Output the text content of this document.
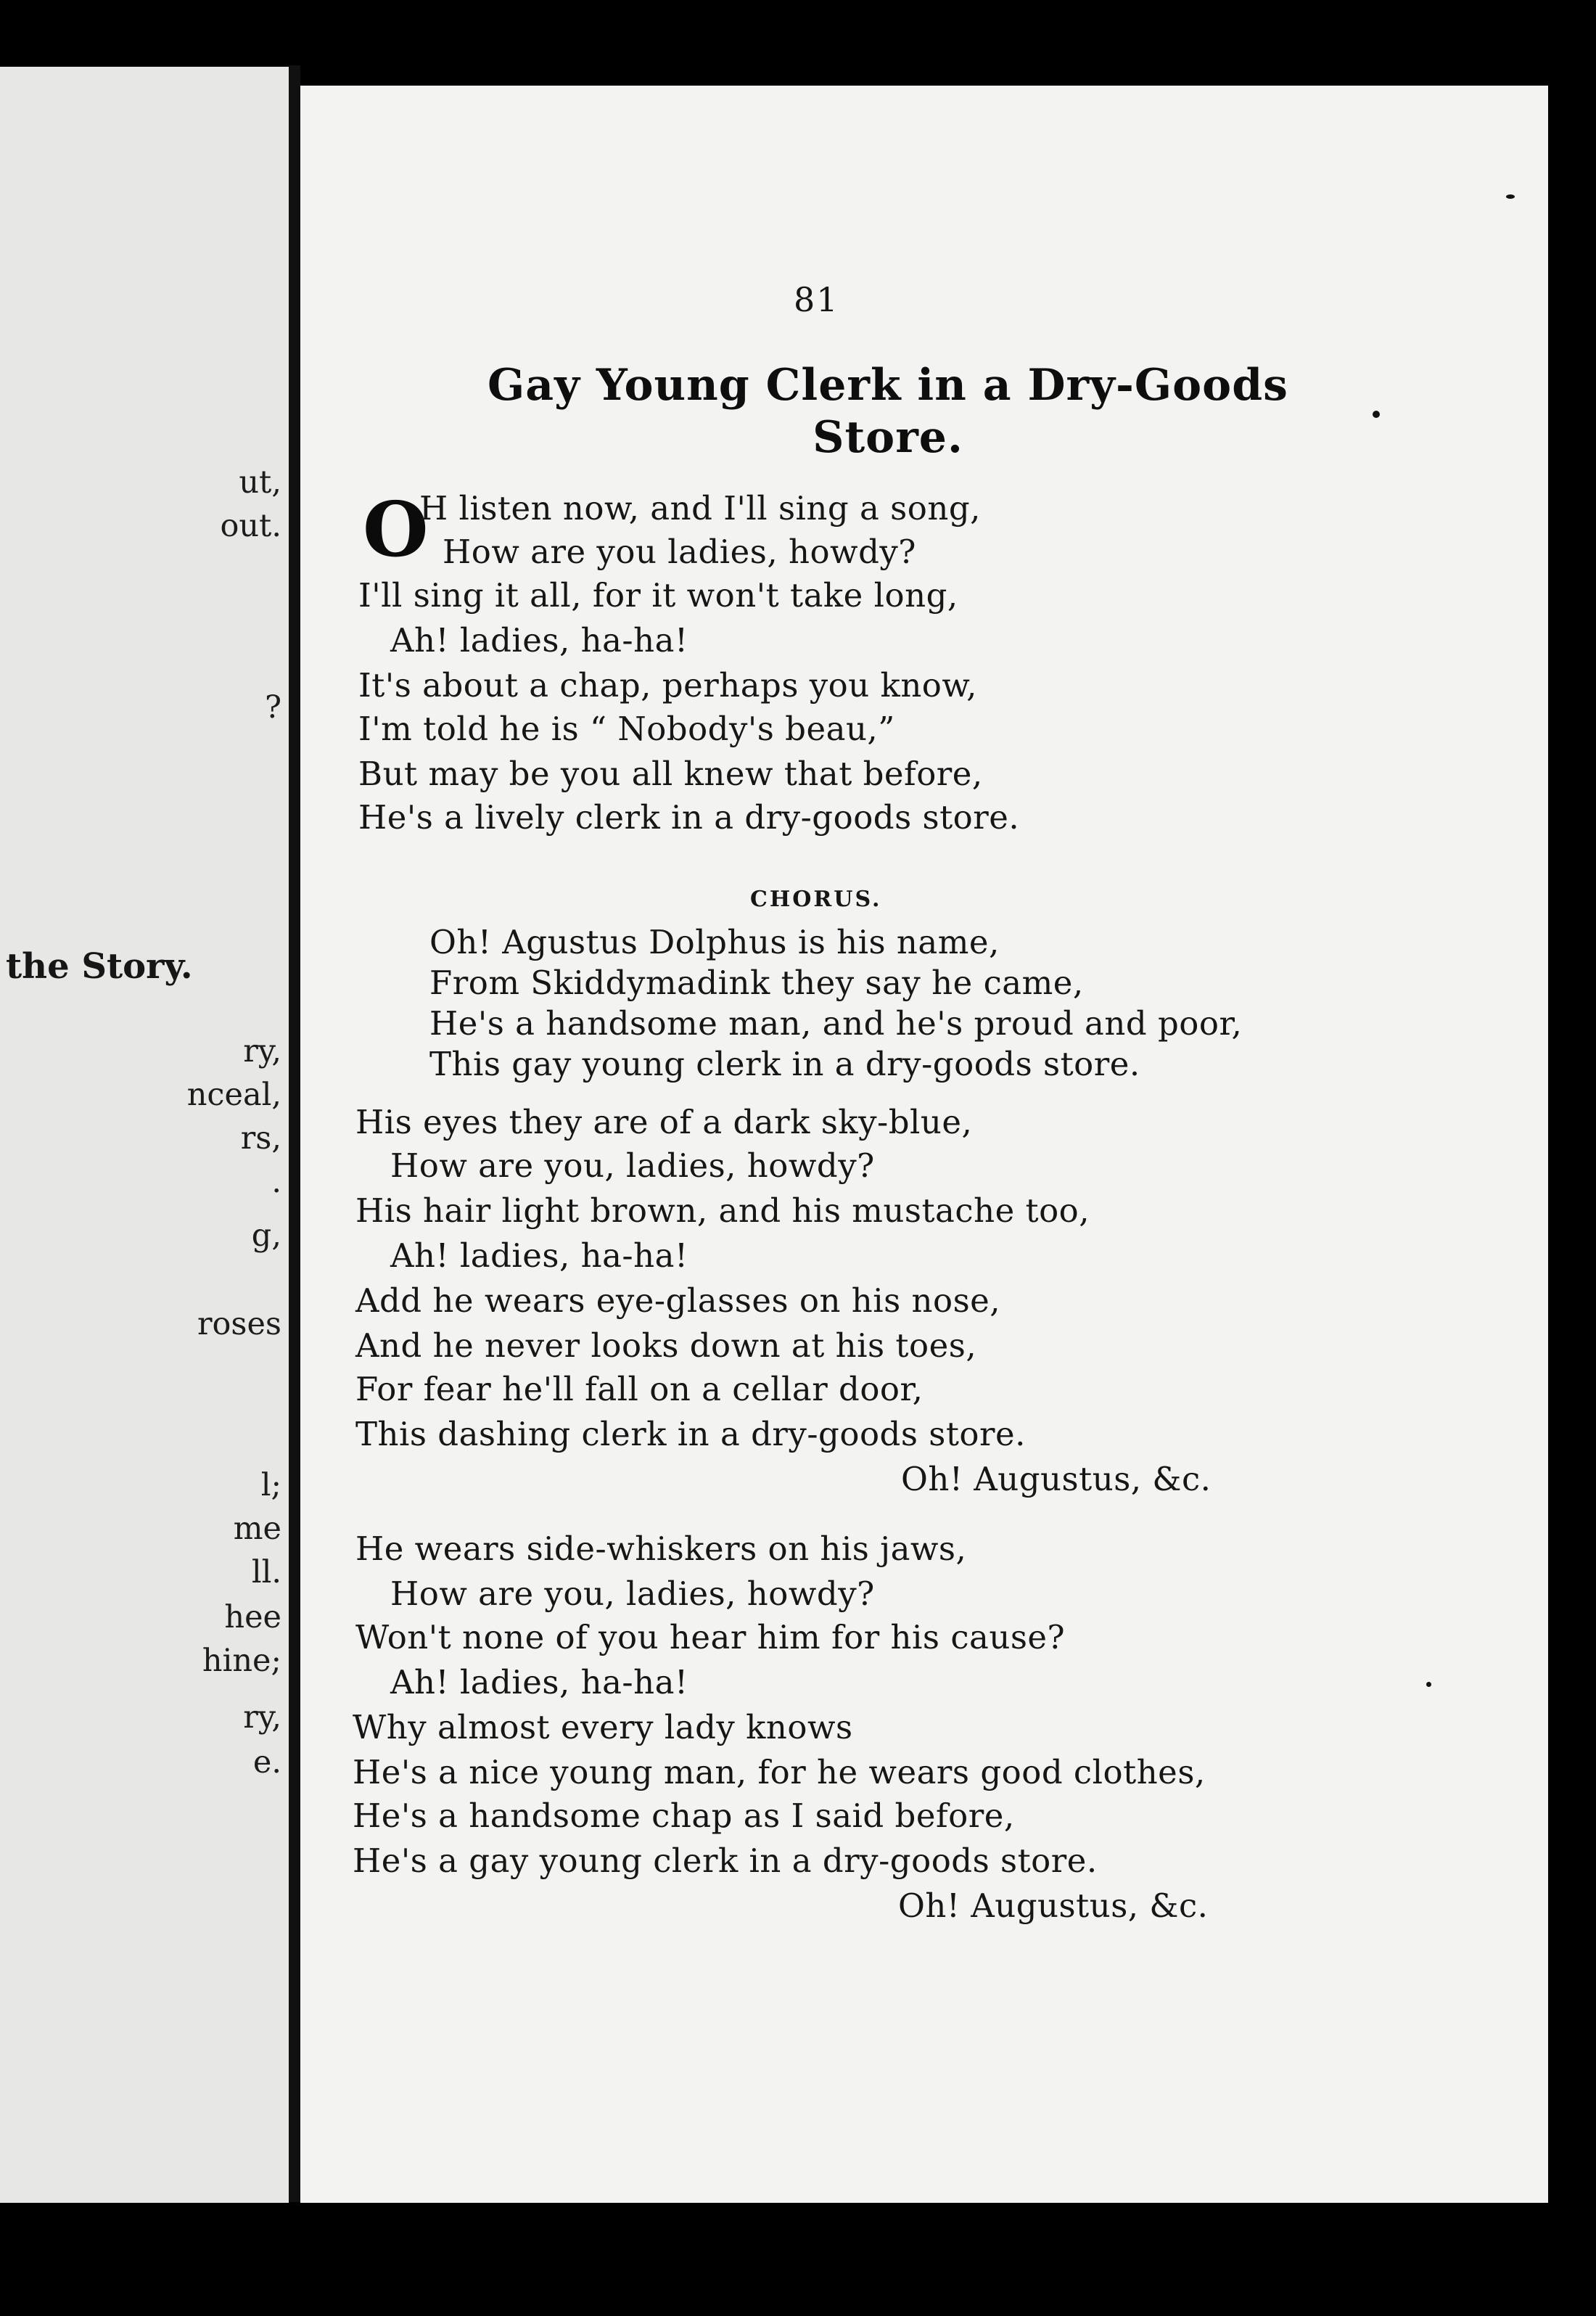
the Story.
ut,
out.
?
ry,
nceal,
rs,
.
g,
roses
l;
me
ll.
hee
hine;
ry,
e.
81
Gay Young Clerk in a Dry-Goods
Store.
O
H listen now, and I'll sing a song,
How are you ladies, howdy?
I'll sing it all, for it won't take long,
Ah! ladies, ha-ha!
It's about a chap, perhaps you know,
I'm told he is “ Nobody's beau,”
But may be you all knew that before,
He's a lively clerk in a dry-goods store.
CHORUS.
Oh! Agustus Dolphus is his name,
From Skiddymadink they say he came,
He's a handsome man, and he's proud and poor,
This gay young clerk in a dry-goods store.
His eyes they are of a dark sky-blue,
How are you, ladies, howdy?
His hair light brown, and his mustache too,
Ah! ladies, ha-ha!
Add he wears eye-glasses on his nose,
And he never looks down at his toes,
For fear he'll fall on a cellar door,
This dashing clerk in a dry-goods store.
Oh! Augustus, &c.
He wears side-whiskers on his jaws,
How are you, ladies, howdy?
Won't none of you hear him for his cause?
Ah! ladies, ha-ha!
Why almost every lady knows
He's a nice young man, for he wears good clothes,
He's a handsome chap as I said before,
He's a gay young clerk in a dry-goods store.
Oh! Augustus, &c.
